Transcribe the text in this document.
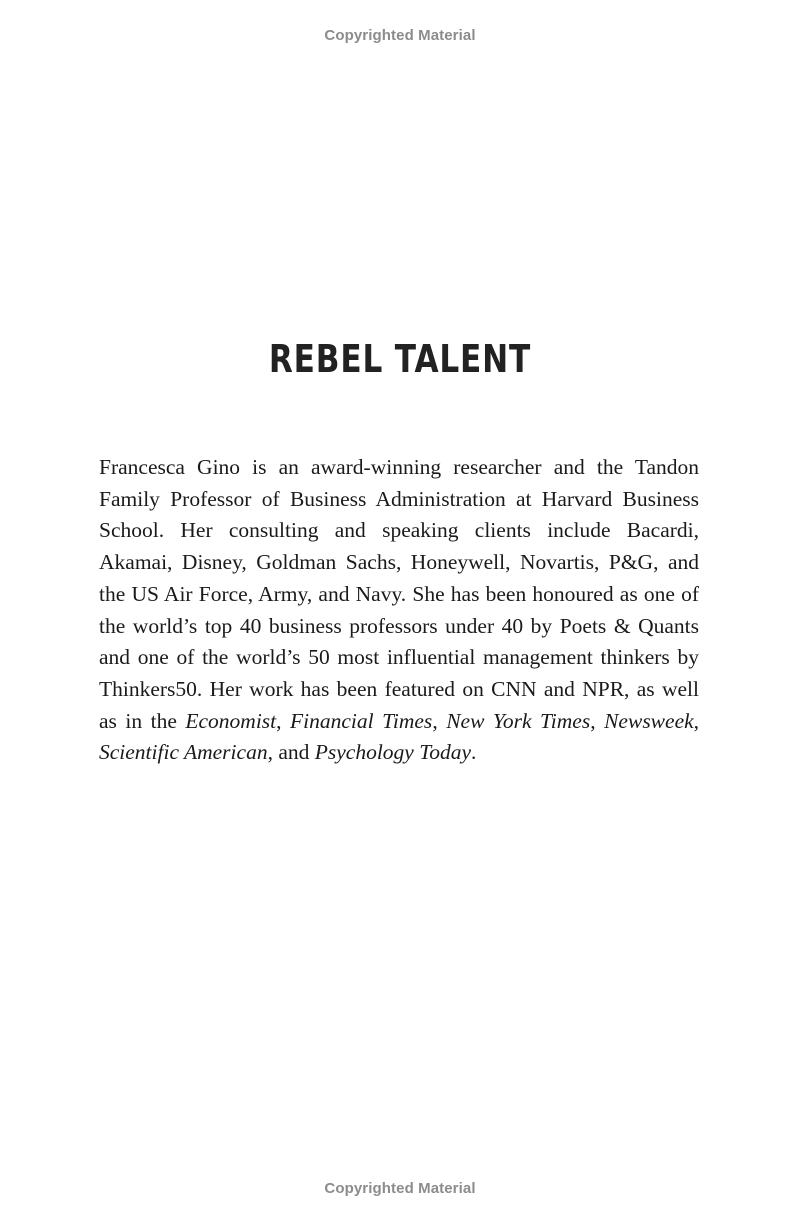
Copyrighted Material
REBEL TALENT

Francesca Gino is an award-winning researcher and the Tandon Family Professor of Business Administration at Harvard Business School. Her consulting and speaking clients include Bacardi, Akamai, Disney, Goldman Sachs, Honeywell, Novartis, P&G, and the US Air Force, Army, and Navy. She has been honoured as one of the world’s top 40 business professors under 40 by Poets & Quants and one of the world’s 50 most influential management thinkers by Thinkers50. Her work has been featured on CNN and NPR, as well as in the Economist, Financial Times, New York Times, Newsweek, Scientific American, and Psychology Today.

Copyrighted Material
